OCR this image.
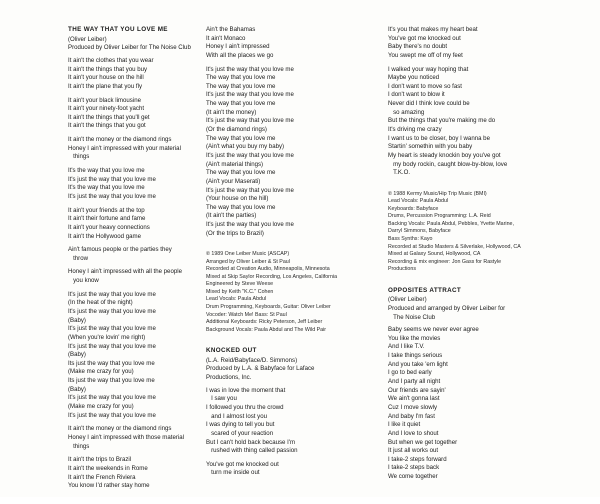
THE WAY THAT YOU LOVE ME

(Oliver Leiber)

Produced by Oliver Leiber for The Noise Club

It ain't the clothes that you wear

It ain't the things that you buy

It ain't your house on the hill

It ain't the plane that you fly

It ain't your black limousine

It ain't your ninety-foot yacht

It ain't the things that you'll get

It ain't the things that you got

It ain't the money or the diamond rings

Honey I ain't impressed with your material

things

It's the way that you love me

It's just the way that you love me

It's the way that you love me

It's just the way that you love me

It ain't your friends at the top

It ain't their fortune and fame

It ain't your heavy connections

It ain't the Hollywood game

Ain't famous people or the parties they

throw

Honey I ain't impressed with all the people

you know

It's just the way that you love me

(In the heat of the night)

It's just the way that you love me

(Baby)

It's just the way that you love me

(When you're lovin' me right)

It's just the way that you love me

(Baby)

Its just the way that you love me

(Make me crazy for you)

Its just the way that you love me

(Baby)

It's just the way that you love me

(Make me crazy for you)

It's just the way that you love me

It ain't the money or the diamond rings

Honey I ain't impressed with those material

things

It ain't the trips to Brazil

It ain't the weekends in Rome

It ain't the French Riviera

You know I'd rather stay home

Ain't the Bahamas

It ain't Monaco

Honey I ain't impressed

With all the places we go

It's just the way that you love me

The way that you love me

The way that you love me

It's just the way that you love me

The way that you love me

(It ain't the money)

It's just the way that you love me

(Or the diamond rings)

The way that you love me

(Ain't what you buy my baby)

It's just the way that you love me

(Ain't material things)

The way that you love me

(Ain't your Maserati)

It's just the way that you love me

(Your house on the hill)

The way that you love me

(It ain't the parties)

It's just the way that you love me

(Or the trips to Brazil)

℗ 1989 One Leiber Music (ASCAP)

Arranged by Oliver Leiber & St Paul

Recorded at Creation Audio, Minneapolis, Minnesota

Mixed at Skip Saylor Recording, Los Angeles, California

Engineered by Steve Weese

Mixed by Keith "K.C." Cohen

Lead Vocals: Paula Abdul

Drum Programming, Keyboards, Guitar: Oliver Leiber

Vocoder: Watch Me! Bass: St Paul

Additional Keyboards: Ricky Peterson, Jeff Leiber

Background Vocals: Paula Abdul and The Wild Pair

KNOCKED OUT

(L.A. Reid/Babyface/D. Simmons)

Produced by L.A. & Babyface for Laface

Productions, Inc.

I was in love the moment that

I saw you

I followed you thru the crowd

and I almost lost you

I was dying to tell you but

scared of your reaction

But I can't hold back because I'm

rushed with thing called passion

You've got me knocked out

turn me inside out

It's you that makes my heart beat

You've got me knocked out

Baby there's no doubt

You swept me off of my feet

I walked your way hoping that

Maybe you noticed

I don't want to move so fast

I don't want to blow it

Never did I think love could be

so amazing

But the things that you're making me do

It's driving me crazy

I want us to be closer, boy I wanna be

Startin' somethin with you baby

My heart is steady knockin boy you've got

my body rockin, caught blow-by-blow, love

T.K.O.

℗ 1988 Kermy Music/Hip Trip Music (BMI)

Lead Vocals: Paula Abdul

Keyboards: Babyface

Drums, Percussion Programming: L.A. Reid

Backing Vocals: Paula Abdul, Pebbles, Yvette Marine,

Darryl Simmons, Babyface

Bass Synths: Kayo

Recorded at Studio Masters & Silverlake, Hollywood, CA

Mixed at Galaxy Sound, Hollywood, CA

Recording & mix engineer: Jon Gass for Rastyle

Productions

OPPOSITES ATTRACT

(Oliver Leiber)

Produced and arranged by Oliver Leiber for

The Noise Club

Baby seems we never ever agree

You like the movies

And I like T.V.

I take things serious

And you take 'em light

I go to bed early

And I party all night

Our friends are sayin'

We ain't gonna last

Cuz I move slowly

And baby I'm fast

I like it quiet

And I love to shout

But when we get together

It just all works out

I take-2 steps forward

I take-2 steps back

We come together
